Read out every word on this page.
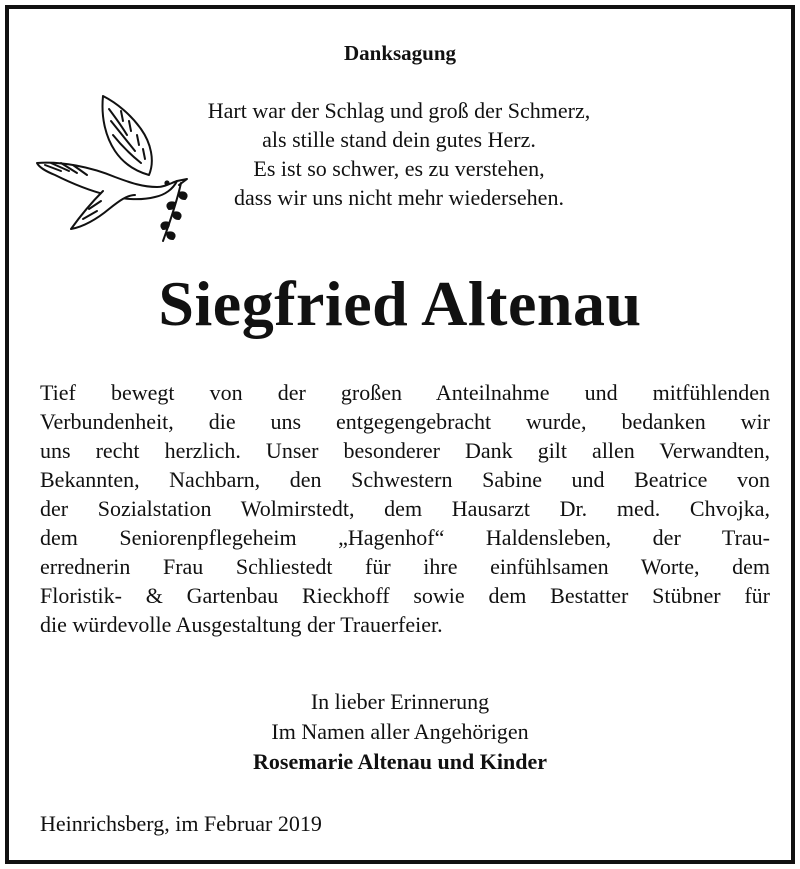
Danksagung
Hart war der Schlag und groß der Schmerz,
als stille stand dein gutes Herz.
Es ist so schwer, es zu verstehen,
dass wir uns nicht mehr wiedersehen.
Siegfried Altenau
Tief bewegt von der großen Anteilnahme und mitfühlenden
Verbundenheit, die uns entgegengebracht wurde, bedanken wir
uns recht herzlich. Unser besonderer Dank gilt allen Verwandten,
Bekannten, Nachbarn, den Schwestern Sabine und Beatrice von
der Sozialstation Wolmirstedt, dem Hausarzt Dr. med. Chvojka,
dem Seniorenpflegeheim „Hagenhof“ Haldensleben, der Trau-
errednerin Frau Schliestedt für ihre einfühlsamen Worte, dem
Floristik- & Gartenbau Rieckhoff sowie dem Bestatter Stübner für
die würdevolle Ausgestaltung der Trauerfeier.
In lieber Erinnerung
Im Namen aller Angehörigen
Rosemarie Altenau und Kinder
Heinrichsberg, im Februar 2019
